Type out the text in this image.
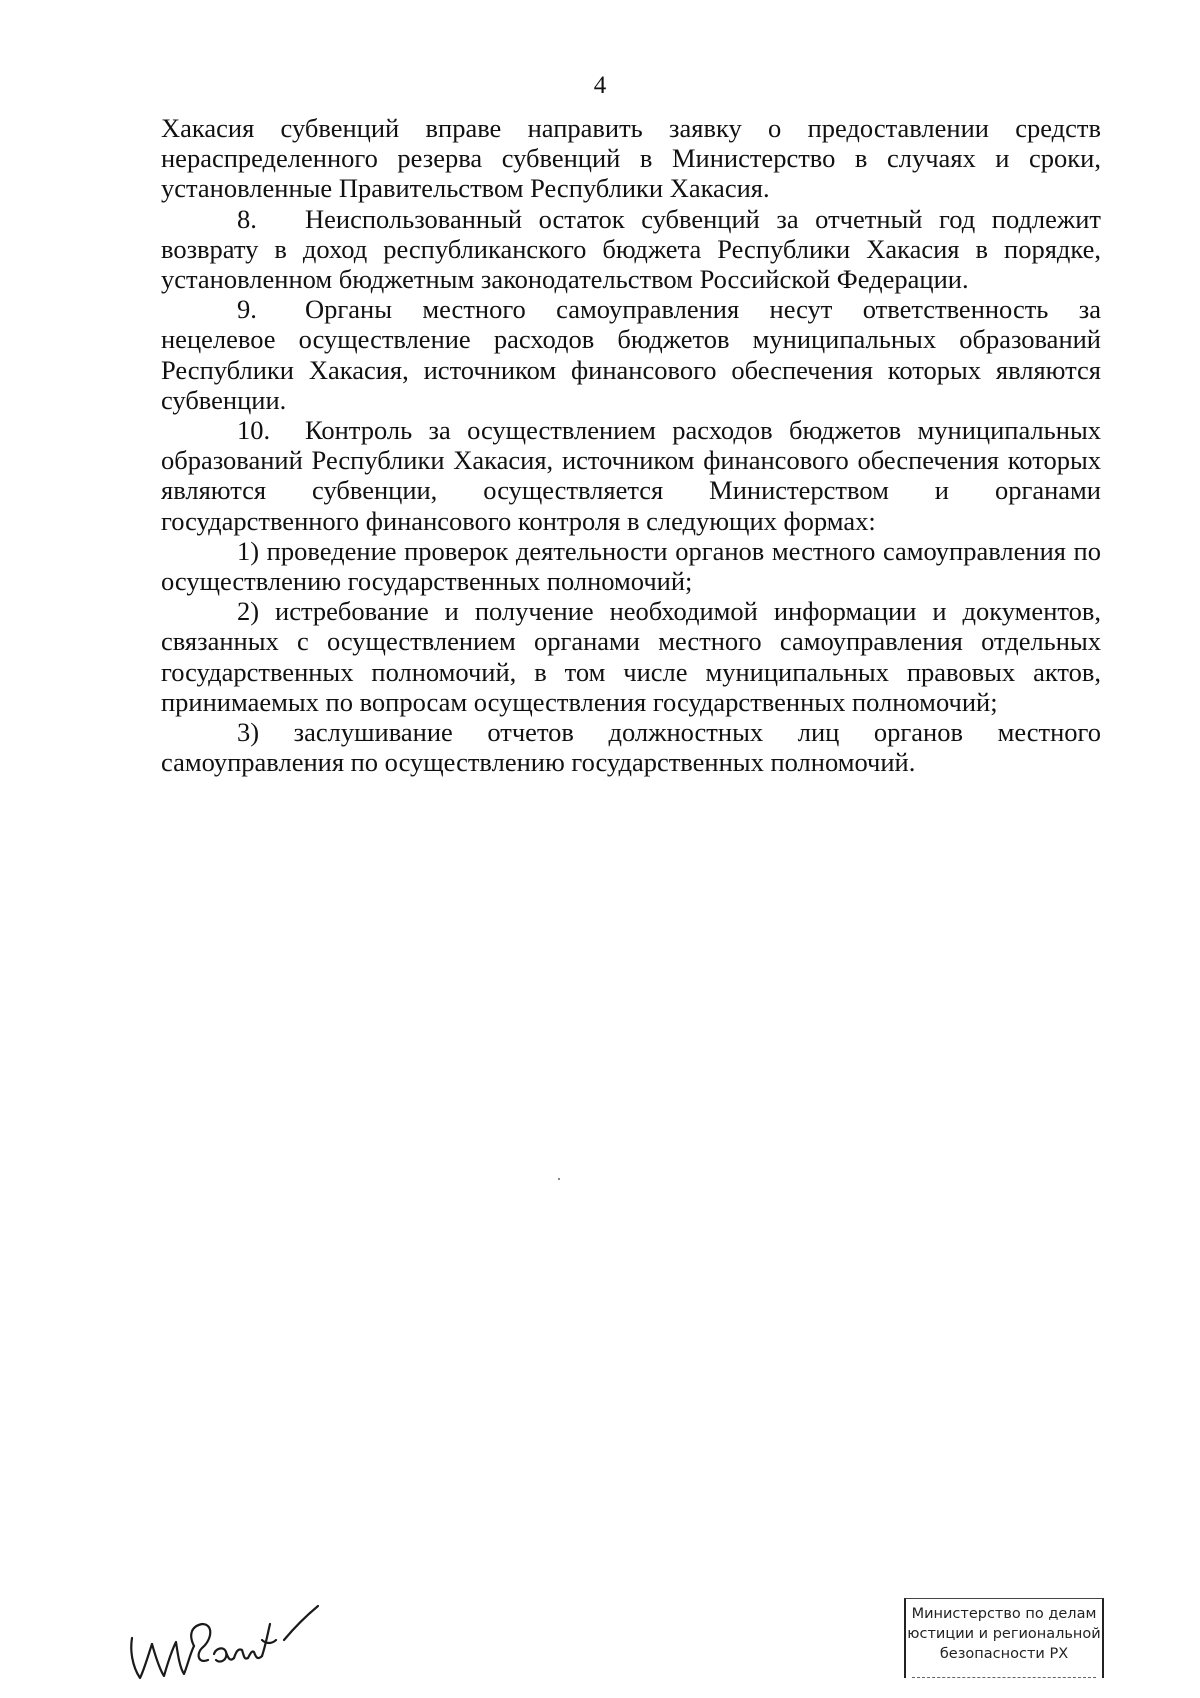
4

Хакасия субвенций вправе направить заявку о предоставлении средств нераспределенного резерва субвенций в Министерство в случаях и сроки, установленные Правительством Республики Хакасия.

8. Неиспользованный остаток субвенций за отчетный год подлежит возврату в доход республиканского бюджета Республики Хакасия в порядке, установленном бюджетным законодательством Российской Федерации.

9. Органы местного самоуправления несут ответственность за нецелевое осуществление расходов бюджетов муниципальных образований Республики Хакасия, источником финансового обеспечения которых являются субвенции.

10. Контроль за осуществлением расходов бюджетов муниципальных образований Республики Хакасия, источником финансового обеспечения которых являются субвенции, осуществляется Министерством и органами государственного финансового контроля в следующих формах:

1) проведение проверок деятельности органов местного самоуправления по осуществлению государственных полномочий;

2) истребование и получение необходимой информации и документов, связанных с осуществлением органами местного самоуправления отдельных государственных полномочий, в том числе муниципальных правовых актов, принимаемых по вопросам осуществления государственных полномочий;

3) заслушивание отчетов должностных лиц органов местного самоуправления по осуществлению государственных полномочий.

Министерство по делам
юстиции и региональной
безопасности РХ
